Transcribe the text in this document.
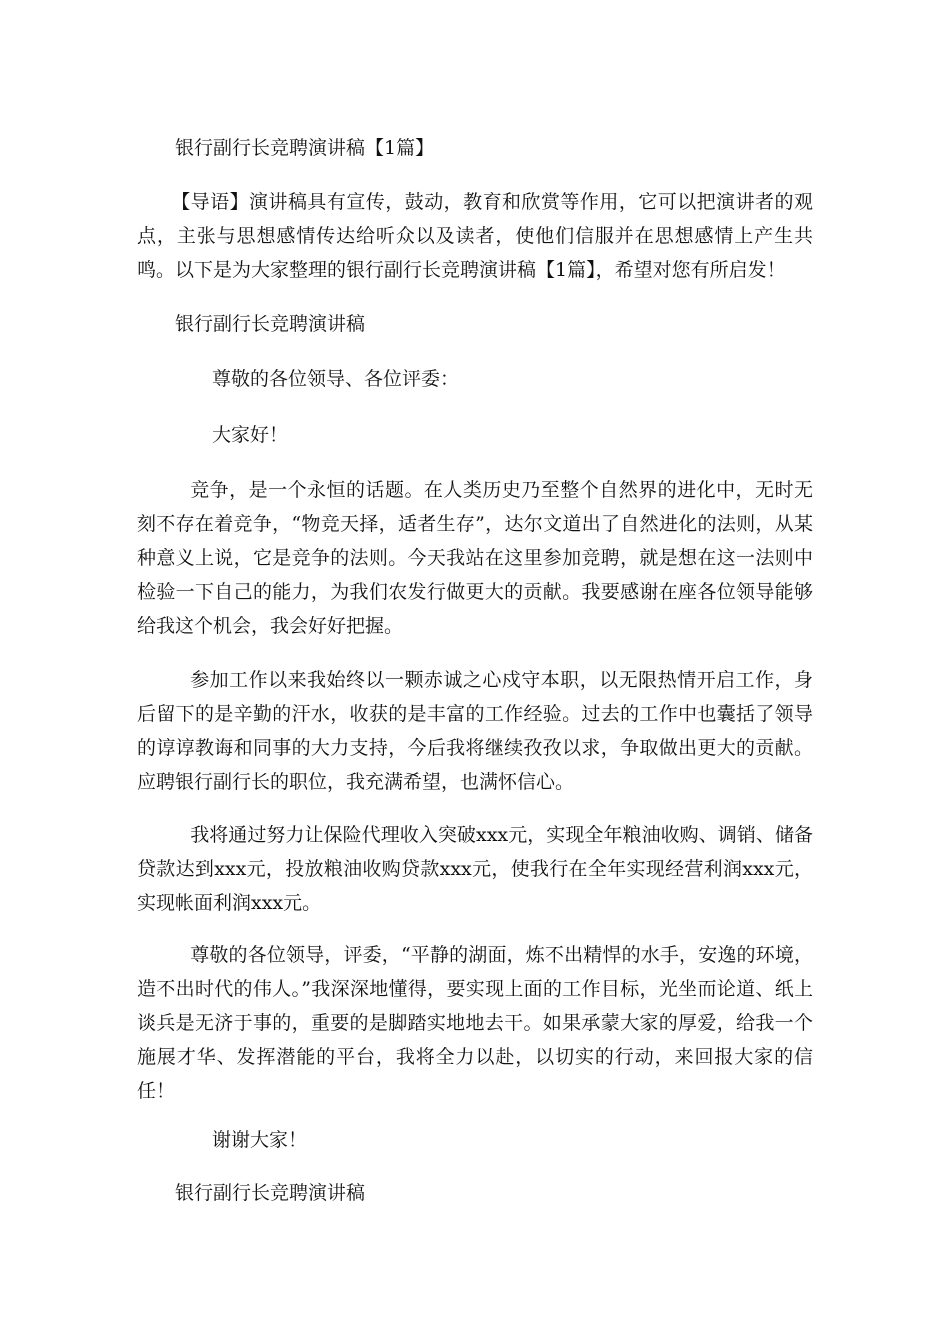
银行副行长竞聘演讲稿【1篇】

【导语】演讲稿具有宣传，鼓动，教育和欣赏等作用，它可以把演讲者的观点，主张与思想感情传达给听众以及读者，使他们信服并在思想感情上产生共鸣。以下是为大家整理的银行副行长竞聘演讲稿【1篇】，希望对您有所启发！

银行副行长竞聘演讲稿

尊敬的各位领导、各位评委：

大家好！

竞争，是一个永恒的话题。在人类历史乃至整个自然界的进化中，无时无刻不存在着竞争，“物竞天择，适者生存”，达尔文道出了自然进化的法则，从某种意义上说，它是竞争的法则。今天我站在这里参加竞聘，就是想在这一法则中检验一下自己的能力，为我们农发行做更大的贡献。我要感谢在座各位领导能够给我这个机会，我会好好把握。

参加工作以来我始终以一颗赤诚之心戍守本职，以无限热情开启工作，身后留下的是辛勤的汗水，收获的是丰富的工作经验。过去的工作中也囊括了领导的谆谆教诲和同事的大力支持，今后我将继续孜孜以求，争取做出更大的贡献。应聘银行副行长的职位，我充满希望，也满怀信心。

我将通过努力让保险代理收入突破xxx元，实现全年粮油收购、调销、储备贷款达到xxx元，投放粮油收购贷款xxx元，使我行在全年实现经营利润xxx元，实现帐面利润xxx元。

尊敬的各位领导，评委，“平静的湖面，炼不出精悍的水手，安逸的环境，造不出时代的伟人。”我深深地懂得，要实现上面的工作目标，光坐而论道、纸上谈兵是无济于事的，重要的是脚踏实地地去干。如果承蒙大家的厚爱，给我一个施展才华、发挥潜能的平台，我将全力以赴，以切实的行动，来回报大家的信任！

谢谢大家！

银行副行长竞聘演讲稿
